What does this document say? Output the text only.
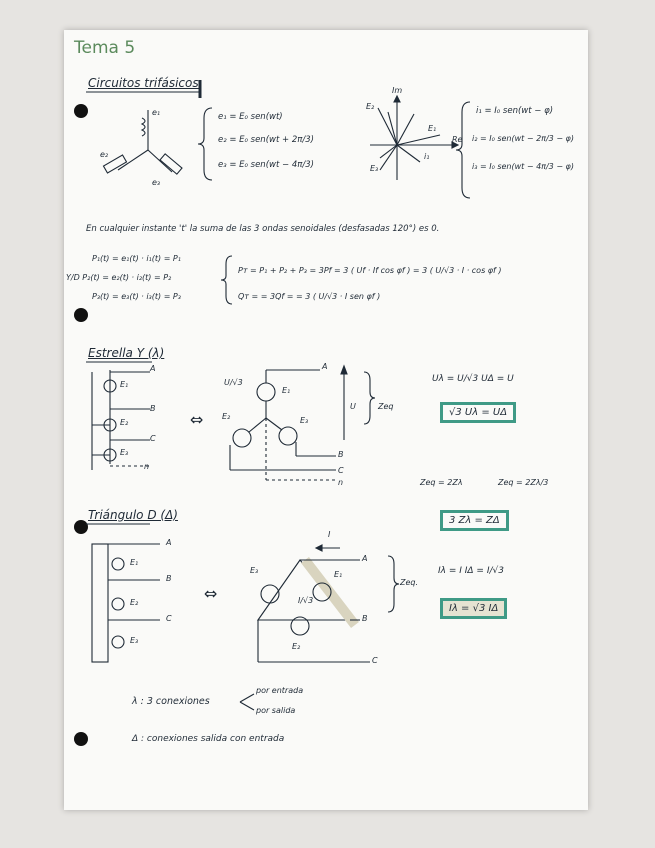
Tema 5
Circuitos trifásicos
e₁
e₂
e₃
e₁ = E₀ sen(wt)
e₂ = E₀ sen(wt + 2π/3)
e₃ = E₀ sen(wt − 4π/3)
E₂
E₁
E₃
Im
Re
i₁
i₁ = I₀ sen(wt − φ)
i₂ = I₀ sen(wt − 2π/3 − φ)
i₃ = I₀ sen(wt − 4π/3 − φ)
En cualquier instante 't' la suma de las 3 ondas senoidales (desfasadas 120°) es 0.
P₁(t) = e₁(t) · i₁(t) = P₁
Y/D P₂(t) = e₂(t) · i₂(t) = P₂
P₃(t) = e₃(t) · i₃(t) = P₃
Pᴛ = P₁ + P₂ + P₃ = 3Pf = 3 ( Uf · If cos φf ) = 3 ( U/√3 · I · cos φf )
Qᴛ = = 3Qf = = 3 ( U/√3 · I sen φf )
Estrella Y (λ)
A
B
C
n
E₁
E₂
E₃
⇔
U/√3
E₁
E₂	E₃
A
B
C
n
U	Zeq
Uλ = U/√3 UΔ = U
√3 Uλ = UΔ
Zeq = 2Zλ	Zeq = 2Zλ/3
3 Zλ = ZΔ
Triángulo D (Δ)
A
B
C
E₁
E₂
E₃
⇔
I
I/√3
E₃	E₁
E₂
A
B
C
Zeq.
Iλ = I IΔ = I/√3
Iλ = √3 IΔ
λ : 3 conexiones
por entrada
por salida
Δ : conexiones salida con entrada
